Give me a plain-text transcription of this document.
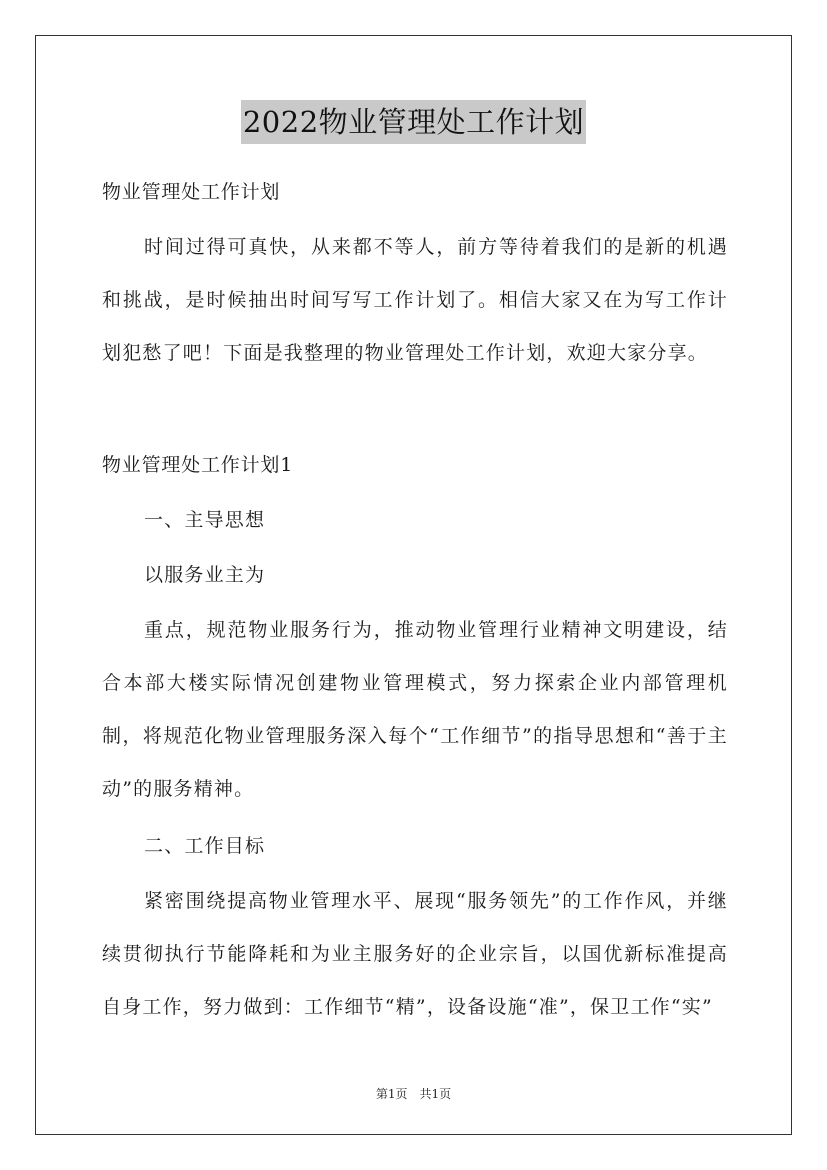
2022物业管理处工作计划

物业管理处工作计划

时间过得可真快，从来都不等人，前方等待着我们的是新的机遇和挑战，是时候抽出时间写写工作计划了。相信大家又在为写工作计划犯愁了吧！下面是我整理的物业管理处工作计划，欢迎大家分享。

物业管理处工作计划1

一、主导思想

以服务业主为

重点，规范物业服务行为，推动物业管理行业精神文明建设，结合本部大楼实际情况创建物业管理模式，努力探索企业内部管理机制，将规范化物业管理服务深入每个“工作细节”的指导思想和“善于主动”的服务精神。

二、工作目标

紧密围绕提高物业管理水平、展现“服务领先”的工作作风，并继续贯彻执行节能降耗和为业主服务好的企业宗旨，以国优新标准提高自身工作，努力做到：工作细节“精”，设备设施“准”，保卫工作“实”

第1页　共1页
